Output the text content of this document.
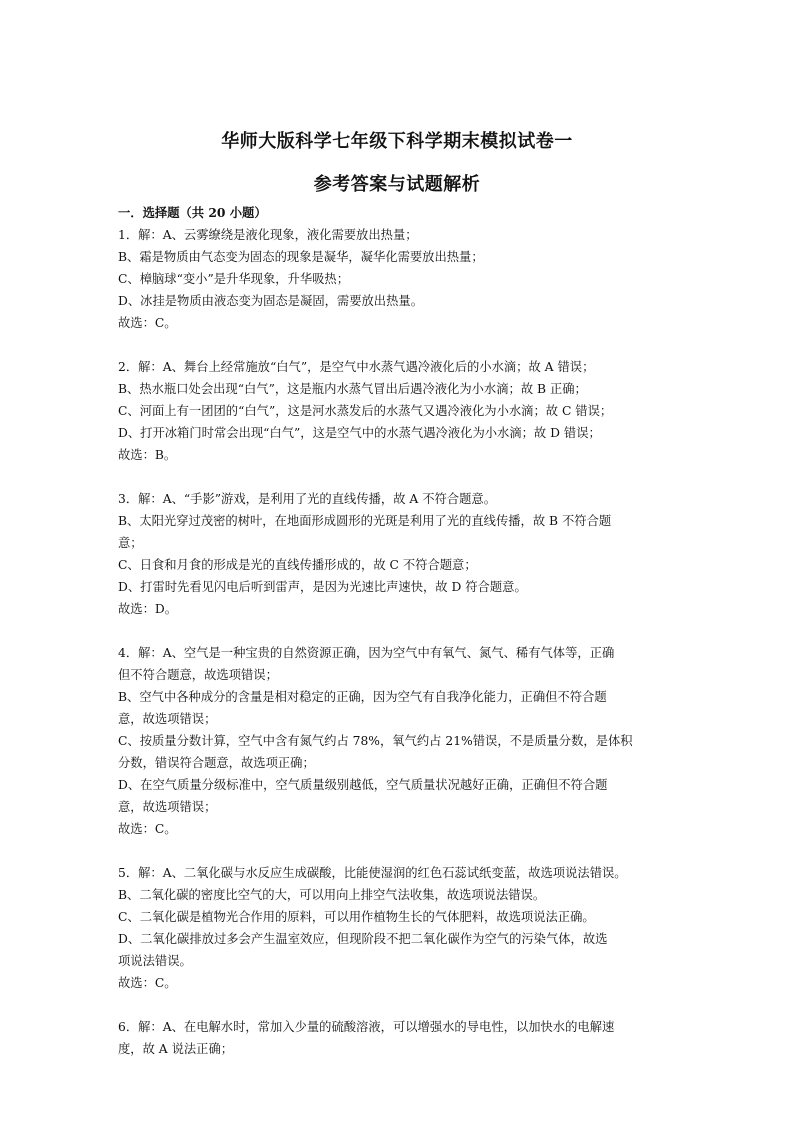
华师大版科学七年级下科学期末模拟试卷一
参考答案与试题解析
一．选择题（共 20 小题）
1．解：A、云雾缭绕是液化现象，液化需要放出热量；
B、霜是物质由气态变为固态的现象是凝华，凝华化需要放出热量；
C、樟脑球“变小”是升华现象，升华吸热；
D、冰挂是物质由液态变为固态是凝固，需要放出热量。
故选：C。
2．解：A、舞台上经常施放“白气”，是空气中水蒸气遇冷液化后的小水滴；故 A 错误；
B、热水瓶口处会出现“白气”，这是瓶内水蒸气冒出后遇冷液化为小水滴；故 B 正确；
C、河面上有一团团的“白气”，这是河水蒸发后的水蒸气又遇冷液化为小水滴；故 C 错误；
D、打开冰箱门时常会出现“白气”，这是空气中的水蒸气遇冷液化为小水滴；故 D 错误；
故选：B。
3．解：A、“手影”游戏，是利用了光的直线传播，故 A 不符合题意。
B、太阳光穿过茂密的树叶，在地面形成圆形的光斑是利用了光的直线传播，故 B 不符合题
意；
C、日食和月食的形成是光的直线传播形成的，故 C 不符合题意；
D、打雷时先看见闪电后听到雷声，是因为光速比声速快，故 D 符合题意。
故选：D。
4．解：A、空气是一种宝贵的自然资源正确，因为空气中有氧气、氮气、稀有气体等，正确
但不符合题意，故选项错误；
B、空气中各种成分的含量是相对稳定的正确，因为空气有自我净化能力，正确但不符合题
意，故选项错误；
C、按质量分数计算，空气中含有氮气约占 78%，氧气约占 21%错误，不是质量分数，是体积
分数，错误符合题意，故选项正确；
D、在空气质量分级标准中，空气质量级别越低，空气质量状况越好正确，正确但不符合题
意，故选项错误；
故选：C。
5．解：A、二氧化碳与水反应生成碳酸，比能使湿润的红色石蕊试纸变蓝，故选项说法错误。
B、二氧化碳的密度比空气的大，可以用向上排空气法收集，故选项说法错误。
C、二氧化碳是植物光合作用的原料，可以用作植物生长的气体肥料，故选项说法正确。
D、二氧化碳排放过多会产生温室效应，但现阶段不把二氧化碳作为空气的污染气体，故选
项说法错误。
故选：C。
6．解：A、在电解水时，常加入少量的硫酸溶液，可以增强水的导电性，以加快水的电解速
度，故 A 说法正确；
